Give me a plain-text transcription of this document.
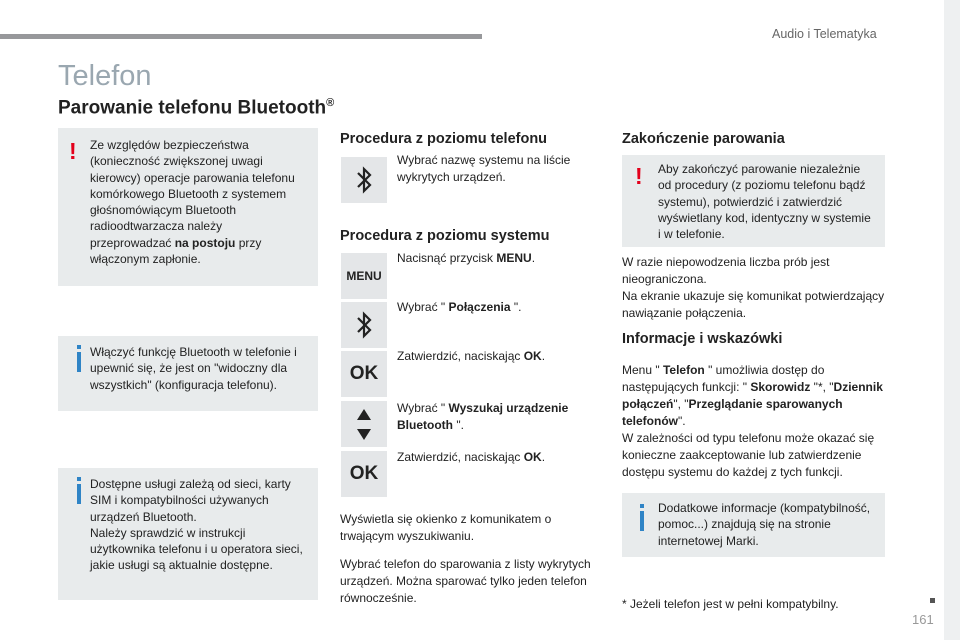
Audio i Telematyka
Telefon
Parowanie telefonu Bluetooth®
! Ze względów bezpieczeństwa (konieczność zwiększonej uwagi kierowcy) operacje parowania telefonu komórkowego Bluetooth z systemem głośnomówiącym Bluetooth radioodtwarzacza należy przeprowadzać na postoju przy włączonym zapłonie.
Włączyć funkcję Bluetooth w telefonie i upewnić się, że jest on "widoczny dla wszystkich" (konfiguracja telefonu).
Dostępne usługi zależą od sieci, karty SIM i kompatybilności używanych urządzeń Bluetooth.
Należy sprawdzić w instrukcji użytkownika telefonu i u operatora sieci, jakie usługi są aktualnie dostępne.
Procedura z poziomu telefonu
Wybrać nazwę systemu na liście wykrytych urządzeń.
Procedura z poziomu systemu
MENU
Nacisnąć przycisk MENU.
Wybrać " Połączenia ".
OK
Zatwierdzić, naciskając OK.
Wybrać " Wyszukaj urządzenie Bluetooth ".
OK
Zatwierdzić, naciskając OK.
Wyświetla się okienko z komunikatem o trwającym wyszukiwaniu.
Wybrać telefon do sparowania z listy wykrytych urządzeń. Można sparować tylko jeden telefon równocześnie.
Zakończenie parowania
! Aby zakończyć parowanie niezależnie od procedury (z poziomu telefonu bądź systemu), potwierdzić i zatwierdzić wyświetlany kod, identyczny w systemie i w telefonie.
W razie niepowodzenia liczba prób jest nieograniczona.
Na ekranie ukazuje się komunikat potwierdzający nawiązanie połączenia.
Informacje i wskazówki
Menu " Telefon " umożliwia dostęp do następujących funkcji: " Skorowidz "*, "Dziennik połączeń", "Przeglądanie sparowanych telefonów".
W zależności od typu telefonu może okazać się konieczne zaakceptowanie lub zatwierdzenie dostępu systemu do każdej z tych funkcji.
Dodatkowe informacje (kompatybilność, pomoc...) znajdują się na stronie internetowej Marki.
* Jeżeli telefon jest w pełni kompatybilny.
161
